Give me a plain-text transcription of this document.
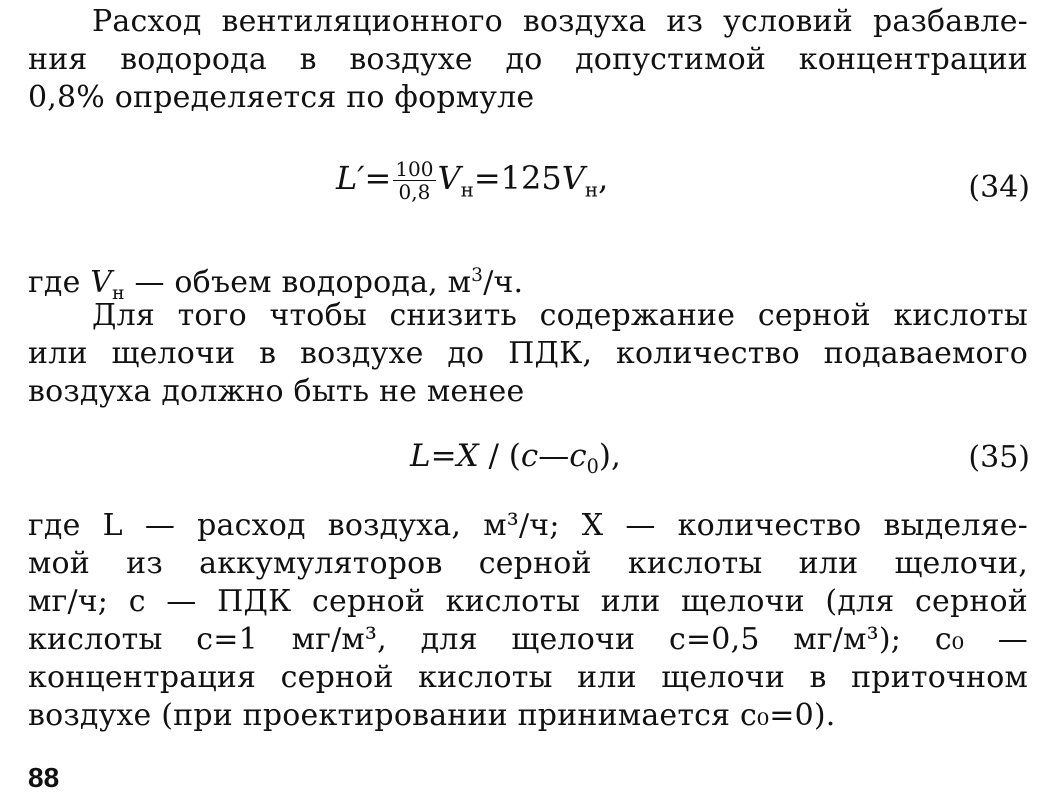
Расход вентиляционного воздуха из условий разбавле-
ния водорода в воздухе до допустимой концентрации
0,8% определяется по формуле
$L'= \frac{100}{0,8} V_н=125V_н$,	(34)
где $V_н$ — объем водорода, $м^3/ч$.
Для того чтобы снизить содержание серной кислоты
или щелочи в воздухе до ПДК, количество подаваемого
воздуха должно быть не менее
$L=X / (c—c_0)$,	(35)
где L — расход воздуха, м³/ч; X — количество выделяе-
мой из аккумуляторов серной кислоты или щелочи,
мг/ч; c — ПДК серной кислоты или щелочи (для серной
кислоты c=1 мг/м³, для щелочи c=0,5 мг/м³); c₀ —
концентрация серной кислоты или щелочи в приточном
воздухе (при проектировании принимается c₀=0).
88
